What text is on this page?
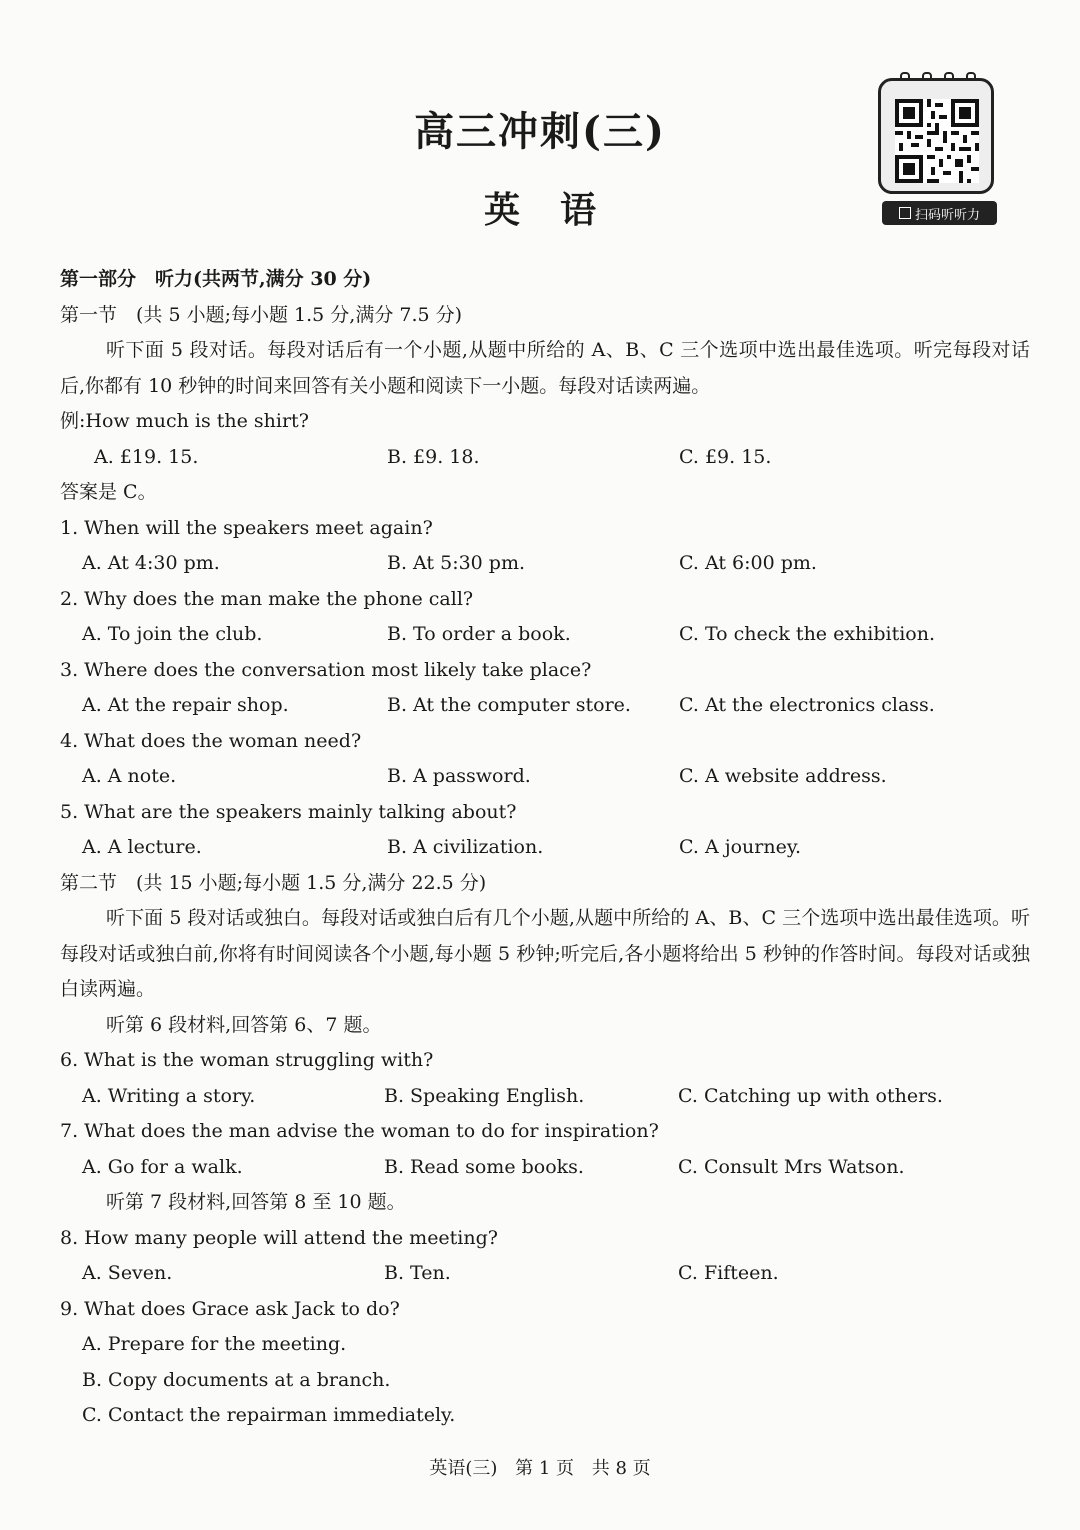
高三冲刺(三)
英语	扫码听听力
第一部分　听力(共两节,满分 30 分)
第一节　(共 5 小题;每小题 1.5 分,满分 7.5 分)
听下面 5 段对话。每段对话后有一个小题,从题中所给的 A、B、C 三个选项中选出最佳选项。听完每段对话后,你都有 10 秒钟的时间来回答有关小题和阅读下一小题。每段对话读两遍。
例:How much is the shirt?
A. £19. 15.	B. £9. 18.	C. £9. 15.
答案是 C。
1. When will the speakers meet again?
A. At 4:30 pm.	B. At 5:30 pm.	C. At 6:00 pm.
2. Why does the man make the phone call?
A. To join the club.	B. To order a book.	C. To check the exhibition.
3. Where does the conversation most likely take place?
A. At the repair shop.	B. At the computer store.	C. At the electronics class.
4. What does the woman need?
A. A note.	B. A password.	C. A website address.
5. What are the speakers mainly talking about?
A. A lecture.	B. A civilization.	C. A journey.
第二节　(共 15 小题;每小题 1.5 分,满分 22.5 分)
听下面 5 段对话或独白。每段对话或独白后有几个小题,从题中所给的 A、B、C 三个选项中选出最佳选项。听每段对话或独白前,你将有时间阅读各个小题,每小题 5 秒钟;听完后,各小题将给出 5 秒钟的作答时间。每段对话或独白读两遍。
听第 6 段材料,回答第 6、7 题。
6. What is the woman struggling with?
A. Writing a story.	B. Speaking English.	C. Catching up with others.
7. What does the man advise the woman to do for inspiration?
A. Go for a walk.	B. Read some books.	C. Consult Mrs Watson.
听第 7 段材料,回答第 8 至 10 题。
8. How many people will attend the meeting?
A. Seven.	B. Ten.	C. Fifteen.
9. What does Grace ask Jack to do?
A. Prepare for the meeting.
B. Copy documents at a branch.
C. Contact the repairman immediately.
英语(三) 第 1 页 共 8 页
